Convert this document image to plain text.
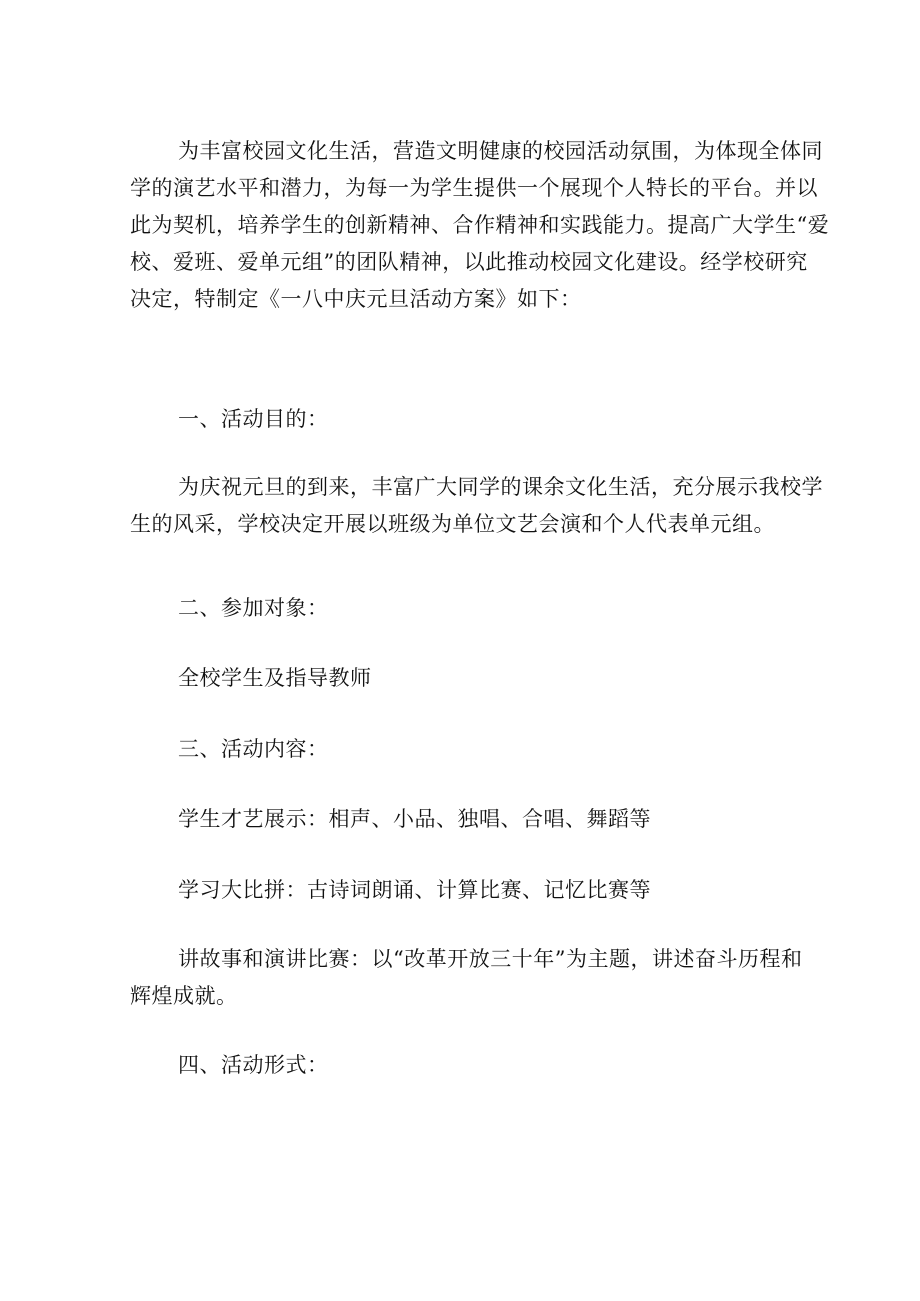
为丰富校园文化生活，营造文明健康的校园活动氛围，为体现全体同
学的演艺水平和潜力，为每一为学生提供一个展现个人特长的平台。并以
此为契机，培养学生的创新精神、合作精神和实践能力。提高广大学生“爱
校、爱班、爱单元组”的团队精神，以此推动校园文化建设。经学校研究
决定，特制定《一八中庆元旦活动方案》如下：
一、活动目的：
为庆祝元旦的到来，丰富广大同学的课余文化生活，充分展示我校学
生的风采，学校决定开展以班级为单位文艺会演和个人代表单元组。
二、参加对象：
全校学生及指导教师
三、活动内容：
学生才艺展示：相声、小品、独唱、合唱、舞蹈等
学习大比拼：古诗词朗诵、计算比赛、记忆比赛等
讲故事和演讲比赛：以“改革开放三十年”为主题，讲述奋斗历程和
辉煌成就。
四、活动形式：
